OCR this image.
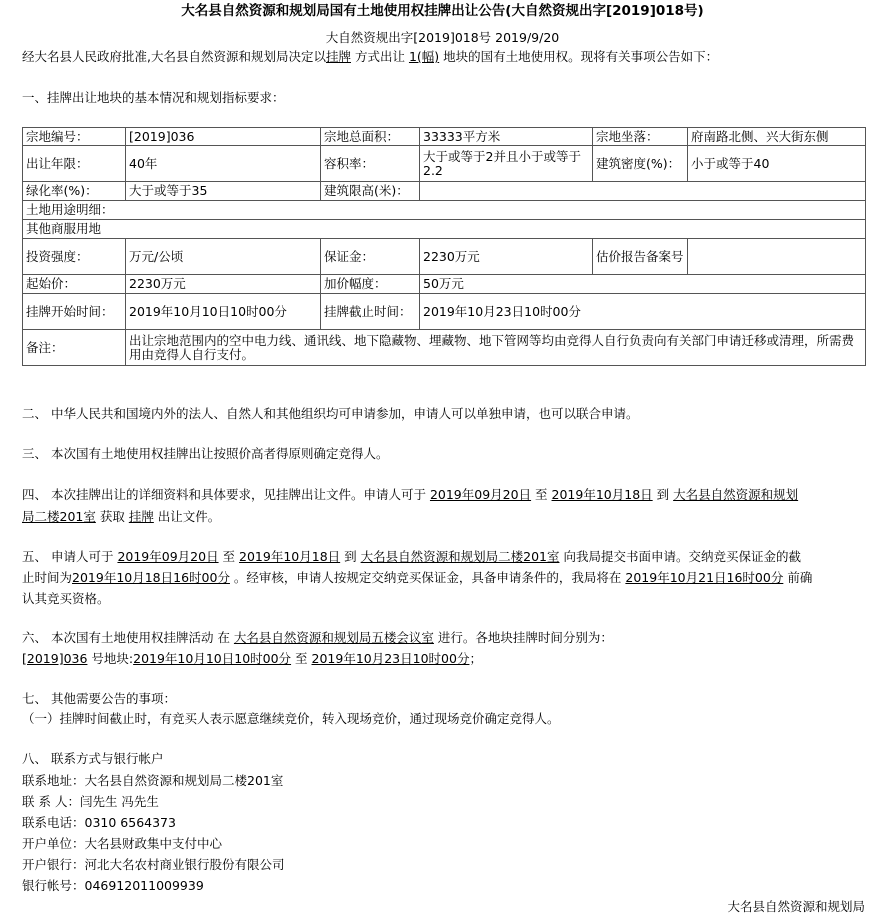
大名县自然资源和规划局国有土地使用权挂牌出让公告(大自然资规出字[2019]018号)
大自然资规出字[2019]018号 2019/9/20
经大名县人民政府批准,大名县自然资源和规划局决定以挂牌 方式出让 1(幅) 地块的国有土地使用权。现将有关事项公告如下：
一、挂牌出让地块的基本情况和规划指标要求：
宗地编号：	[2019]036	宗地总面积：	33333平方米	宗地坐落：	府南路北侧、兴大街东侧
出让年限：	40年	容积率：	大于或等于2并且小于或等于2.2	建筑密度(%)：	小于或等于40
绿化率(%)：	大于或等于35	建筑限高(米)：			
土地用途明细：					
其他商服用地					
投资强度：	万元/公顷	保证金：	2230万元	估价报告备案号	
起始价：	2230万元	加价幅度：	50万元		
挂牌开始时间：	2019年10月10日10时00分	挂牌截止时间：	2019年10月23日10时00分		
备注：	出让宗地范围内的空中电力线、通讯线、地下隐藏物、埋藏物、地下管网等均由竞得人自行负责向有关部门申请迁移或清理，所需费用由竞得人自行支付。				
二、 中华人民共和国境内外的法人、自然人和其他组织均可申请参加，申请人可以单独申请，也可以联合申请。
三、 本次国有土地使用权挂牌出让按照价高者得原则确定竞得人。
四、 本次挂牌出让的详细资料和具体要求，见挂牌出让文件。申请人可于 2019年09月20日 至 2019年10月18日 到 大名县自然资源和规划
局二楼201室 获取 挂牌 出让文件。
五、 申请人可于 2019年09月20日 至 2019年10月18日 到 大名县自然资源和规划局二楼201室 向我局提交书面申请。交纳竞买保证金的截
止时间为2019年10月18日16时00分 。经审核，申请人按规定交纳竞买保证金，具备申请条件的，我局将在 2019年10月21日16时00分 前确
认其竞买资格。
六、 本次国有土地使用权挂牌活动 在 大名县自然资源和规划局五楼会议室 进行。各地块挂牌时间分别为：
[2019]036 号地块:2019年10月10日10时00分 至 2019年10月23日10时00分；
七、 其他需要公告的事项：
（一）挂牌时间截止时，有竞买人表示愿意继续竞价，转入现场竞价，通过现场竞价确定竞得人。
八、 联系方式与银行帐户
联系地址：大名县自然资源和规划局二楼201室
联 系 人：闫先生 冯先生
联系电话：0310 6564373
开户单位：大名县财政集中支付中心
开户银行：河北大名农村商业银行股份有限公司
银行帐号：046912011009939
大名县自然资源和规划局
